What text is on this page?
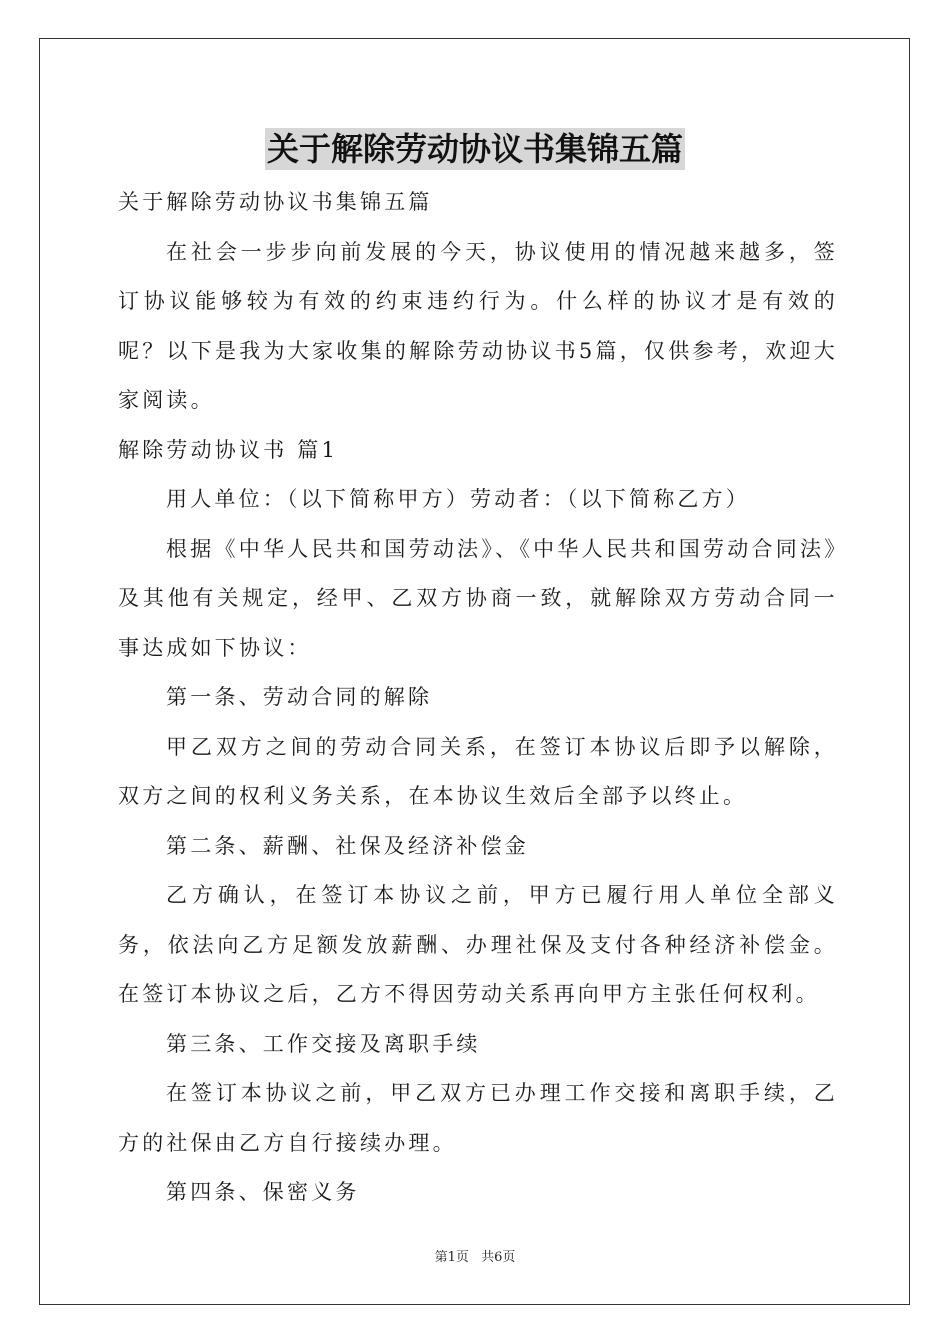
关于解除劳动协议书集锦五篇

关于解除劳动协议书集锦五篇

在社会一步步向前发展的今天，协议使用的情况越来越多，签订协议能够较为有效的约束违约行为。什么样的协议才是有效的呢？以下是我为大家收集的解除劳动协议书5篇，仅供参考，欢迎大家阅读。

解除劳动协议书 篇1

用人单位：（以下简称甲方）劳动者：（以下简称乙方）

根据《中华人民共和国劳动法》、《中华人民共和国劳动合同法》及其他有关规定，经甲、乙双方协商一致，就解除双方劳动合同一事达成如下协议：

第一条、劳动合同的解除

甲乙双方之间的劳动合同关系，在签订本协议后即予以解除，双方之间的权利义务关系，在本协议生效后全部予以终止。

第二条、薪酬、社保及经济补偿金

乙方确认，在签订本协议之前，甲方已履行用人单位全部义务，依法向乙方足额发放薪酬、办理社保及支付各种经济补偿金。在签订本协议之后，乙方不得因劳动关系再向甲方主张任何权利。

第三条、工作交接及离职手续

在签订本协议之前，甲乙双方已办理工作交接和离职手续，乙方的社保由乙方自行接续办理。

第四条、保密义务

第1页 共6页
